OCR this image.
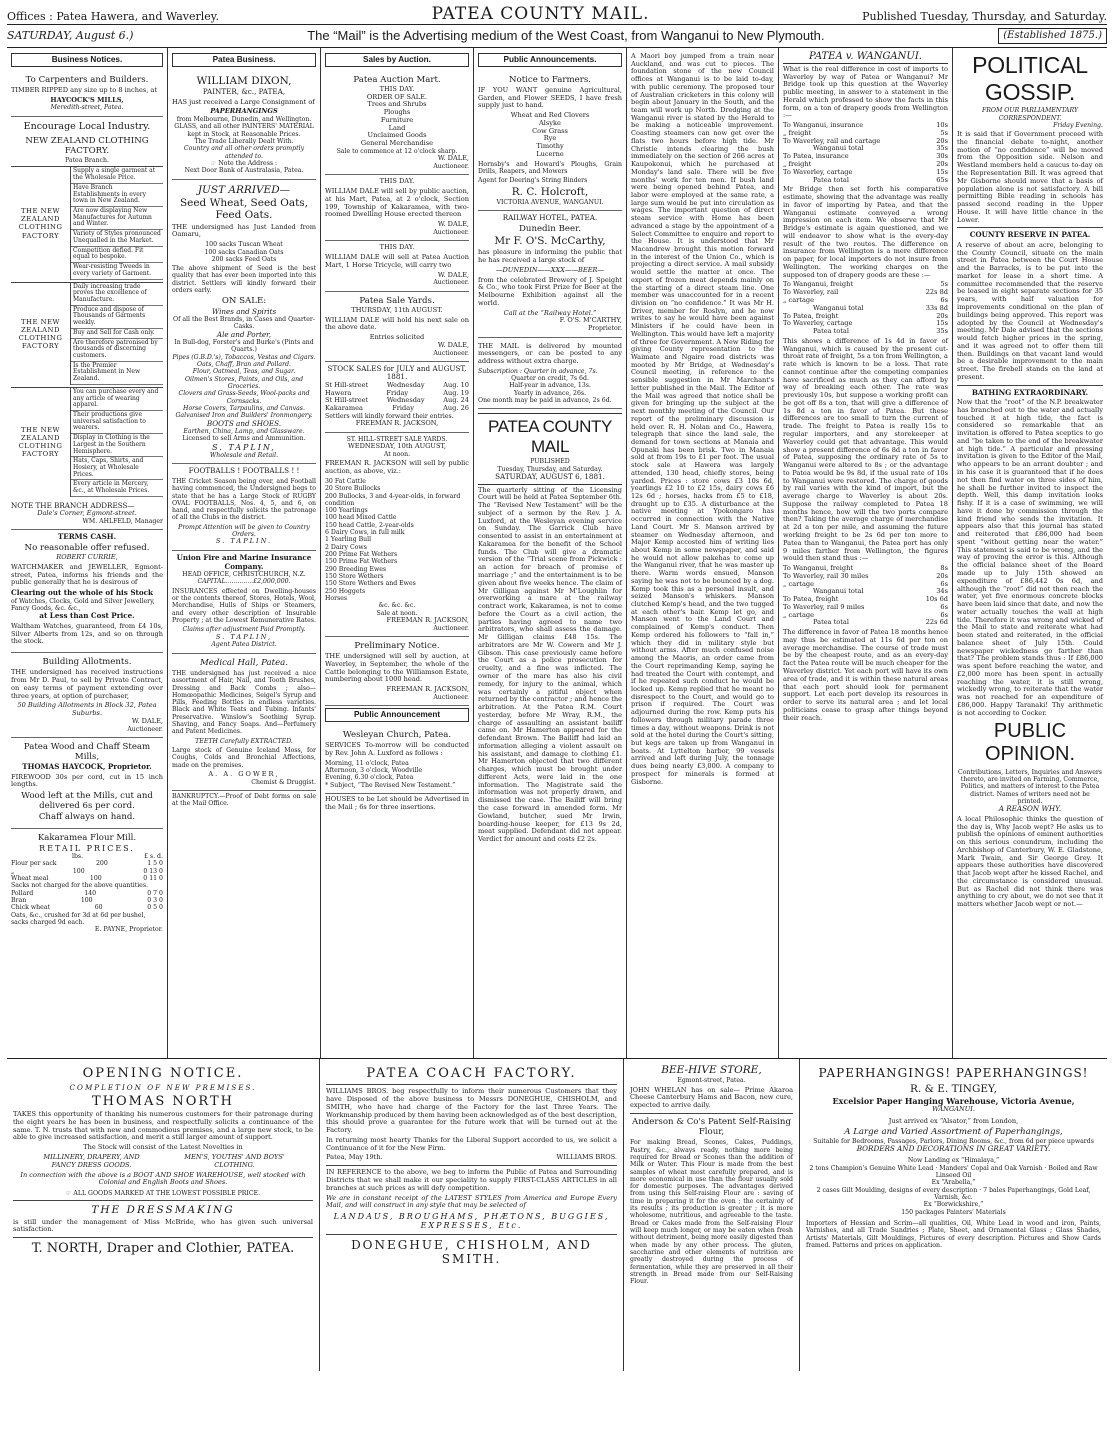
Offices : Patea Hawera, and Waverley.	PATEA COUNTY MAIL.	Published Tuesday, Thursday, and Saturday.
SATURDAY, August 6.)	The “Mail” is the Advertising medium of the West Coast, from Wanganui to New Plymouth.	(Established 1875.)
Business Notices.
To Carpenters and Builders.
TIMBER RIPPED any size up to 8 inches, at
HAYCOCK'S MILLS,
Meredith-street, Patea.
Encourage Local Industry.
NEW ZEALAND CLOTHING FACTORY.
Patea Branch.
THE NEW ZEALAND CLOTHING FACTORY
Supply a single garment at the Wholesale Price.
Have Branch Establishments in every town in New Zealand.
Are now displaying New Manufactures for Autumn and Winter.
Variety of Styles pronounced Unequalled in the Market.
Competition defied. Fit equal to bespoke.
Wear-resisting Tweeds in every variety of Garment.
THE NEW ZEALAND CLOTHING FACTORY
Daily increasing trade proves the excellence of Manufacture.
Produce and dispose of Thousands of Garments weekly.
Buy and Sell for Cash only.
Are therefore patronised by thousands of discerning customers.
Is the Premier Establishment in New Zealand.
THE NEW ZEALAND CLOTHING FACTORY
You can purchase every and any article of wearing apparel.
Their productions give universal satisfaction to wearers.
Display in Clothing is the Largest in the Southern Hemisphere.
Hats, Caps, Shirts, and Hosiery, at Wholesale Prices.
Every article in Mercery, &c., at Wholesale Prices.
NOTE THE BRANCH ADDRESS—
Dale's Corner, Egmont-street.
WM. AHLFELD, Manager
TERMS CASH.
No reasonable offer refused.
ROBERT CURRIE,
WATCHMAKER and JEWELLER, Egmont-street, Patea, informs his friends and the public generally that he is desirous of
Clearing out the whole of his Stock
of Watches, Clocks, Gold and Silver Jewellery, Fancy Goods, &c. &c.,
at Less than Cost Price.
Waltham Watches, guaranteed, from £4 10s, Silver Alberts from 12s, and so on through the stock.
Building Allotments.
THE undersigned has received instructions from Mr D. Paul, to sell by Private Contract, on easy terms of payment extending over three years, at option of purchaser,
50 Building Allotments in Block 32, Patea Suburbs.
W. DALE,
Auctioneer.
Patea Wood and Chaff Steam Mills,
THOMAS HAYCOCK, Proprietor.
FIREWOOD 30s per cord, cut in 15 inch lengths.
Wood left at the Mills, cut and delivered 6s per cord.
Chaff always on hand.
Kakaramea Flour Mill.
RETAIL PRICES.
lbs.	£ s. d.
Flour per sack	200	1 5 0
„	100	0 13 0
Wheat meal	100	0 11 0
Sacks not charged for the above quantities.
Pollard	140	0 7 0
Bran	100	0 3 0
Chick wheat	60	0 5 0
Oats, &c., crushed for 3d at 6d per bushel, sacks charged 9d each.
E. PAYNE, Proprietor.
Patea Business.
WILLIAM DIXON,
PAINTER, &c., PATEA,
HAS just received a Large Consignment of
PAPERHANGINGS
from Melbourne, Dunedin, and Wellington.
GLASS, and all other PAINTERS' MATERIAL kept in Stock, at Reasonable Prices.
The Trade Liberally Dealt With.
Country and all other orders promptly attended to.
☞ Note the Address :
Next Door Bank of Australasia, Patea.
JUST ARRIVED—
Seed Wheat, Seed Oats, Feed Oats.
THE undersigned has Just Landed from Oamaru,
100 sacks Tuscan Wheat
100 sacks Canadian Oats
200 sacks Feed Oats
The above shipment of Seed is the best quality that has ever been imported into this district. Settlers will kindly forward their orders early.
ON SALE:
Wines and Spirits
Of all the Best Brands, in Cases and Quarter-Casks.
Ale and Porter,
In Bull-dog, Forster's and Burke's (Pints and Quarts.)
Pipes (G.B.D.'s), Tobaccos, Vestas and Cigars.
Oats, Chaff, Bran and Pollard.
Flour, Oatmeal, Teas, and Sugar.
Oilmen's Stores, Paints, and Oils, and Groceries.
Clovers and Grass-Seeds, Wool-packs and Cornsacks.
Horse Covers, Tarpaulins, and Canvas.
Galvanised Iron and Builders' Ironmongery.
BOOTS and SHOES.
Earthen, China, Lamp, and Glassware.
Licensed to sell Arms and Ammunition.
S. TAPLIN,
Wholesale and Retail.
FOOTBALLS ! FOOTBALLS ! !
THE Cricket Season being over, and Football having commenced, the Undersigned begs to state that he has a Large Stock of RUGBY OVAL FOOTBALLS, Nos. 4, 5, and 6, on hand, and respectfully solicits the patronage of all the Clubs in the district.
Prompt Attention will be given to Country Orders.
S. TAPLIN.
Union Fire and Marine Insurance Company.
HEAD OFFICE, CHRISTCHURCH, N.Z.
CAPITAL..............£2,000,000.
INSURANCES effected on Dwelling-houses or the contents thereof, Stores, Hotels, Wool, Merchandise, Hulls of Ships or Steamers, and every other description of Insurable Property ; at the Lowest Remunerative Rates.
Claims after adjustment Paid Promptly.
S. TAPLIN,
Agent Patea District.
Medical Hall, Patea.
THE undersigned has just received a nice assortment of Hair, Nail, and Tooth Brushes, Dressing and Back Combs ; also— Homœopathic Medicines, Seigel's Syrup and Pills, Feeding Bottles in endless varieties. Black and White Teats and Tubing. Infants' Preservative. Winslow's Soothing Syrup. Shaving, and Fancy Soaps. And—Perfumery and Patent Medicines.
TEETH Carefully EXTRACTED.
Large stock of Genuine Iceland Moss, for Coughs, Colds and Bronchial Affections, made on the premises.
A. A. GOWER,
Chemist & Druggist.
BANKRUPTCY.—Proof of Debt forms on sale at the Mail Office.
Sales by Auction.
Patea Auction Mart.
THIS DAY.
ORDER OF SALE.
Trees and Shrubs
Ploughs
Furniture
Land
Unclaimed Goods
General Merchandise
Sale to commence at 12 o'clock sharp.
W. DALE,
Auctioneer.
THIS DAY.
WILLIAM DALE will sell by public auction, at his Mart, Patea, at 2 o'clock, Section 199, Township of Kakaramea, with two-roomed Dwelling House erected thereon
W. DALE,
Auctioneer.
THIS DAY.
WILLIAM DALE will sell at Patea Auction Mart, 1 Horse Tricycle, will carry two
W. DALE,
Auctioneer.
Patea Sale Yards.
THURSDAY, 11th AUGUST.
WILLIAM DALE will hold his next sale on the above date.
Entries solicited
W. DALE,
Auctioneer.
STOCK SALES for JULY and AUGUST, 1881.
St Hill-street	Wednesday	Aug. 10
Hawera	Friday	Aug. 19
St Hill-street	Wednesday	Aug. 24
Kakaramea	Friday	Aug. 26
Settlers will kindly forward their entries.
FREEMAN R. JACKSON,
ST. HILL-STREET SALE YARDS.
WEDNESDAY, 10th AUGUST,
At noon.
FREEMAN R. JACKSON will sell by public auction, as above, viz.:
30 Fat Cattle
20 Store Bullocks
200 Bullocks, 3 and 4-year-olds, in forward condition
100 Yearlings
100 head Mixed Cattle
150 head Cattle, 2-year-olds
6 Dairy Cows, in full milk
1 Yearling Bull
2 Dairy Cows
200 Prime Fat Wethers
150 Prime Fat Wethers
290 Breeding Ewes
150 Store Wethers
150 Store Wethers and Ewes
250 Hoggets
Horses
&c. &c. &c.
Sale at noon.
FREEMAN R. JACKSON,
Auctioneer.
Preliminary Notice.
THE undersigned will sell by auction, at Waverley, in September, the whole of the Cattle belonging to the Williamson Estate, numbering about 1000 head.
FREEMAN R. JACKSON,
Auctioneer.
Public Announcement
Wesleyan Church, Patea.
SERVICES To-morrow will be conducted by Rev. John A. Luxford as follows :
Morning, 11 o'clock, Patea
Afternoon, 3 o'clock, Woodville
Evening, 6.30 o'clock, Patea
* Subject, “The Revised New Testament.”
HOUSES to be Let should be Advertised in the Mail ; 6s for three insertions.
Public Announcements.
Notice to Farmers.
IF YOU WANT genuine Agricultural, Garden, and Flower SEEDS, I have fresh supply just to hand.
Wheat and Red Clovers
Alsyke
Cow Grass
Rye
Timothy
Lucerne
Hornsby's and Howard's Ploughs, Grain Drills, Reapers, and Mowers
Agent for Deering's String Binders
R. C. Holcroft,
VICTORIA AVENUE, WANGANUI.
RAILWAY HOTEL, PATEA.
Dunedin Beer.
Mr F. O'S. McCarthy,
has pleasure in informing the public that he has received a large stock of
—DUNEDIN——XXX——BEER—
from the celebrated Brewery of J. Speight & Co., who took First Prize for Beer at the Melbourne Exhibition against all the world.
Call at the “Railway Hotel.”
F. O'S. M'CARTHY,
Proprietor.
THE MAIL is delivered by mounted messengers, or can be posted to any address without extra charge.
Subscription : Quarter in advance, 7s.
Quarter on credit, 7s 6d.
Half-year in advance, 13s.
Yearly in advance, 26s.
One month may be paid in advance, 2s 6d.
PATEA COUNTY MAIL
PUBLISHED
Tuesday, Thursday, and Saturday.
SATURDAY, AUGUST 6, 1881.
The quarterly sitting of the Licensing Court will be held at Patea September 6th. The “Revised New Testament” will be the subject of a sermon by the Rev. J. A. Luxford, at the Wesleyan evening service on Sunday. The Garrick Club have consented to assist in an entertainment at Kakaramea for the benefit of the School funds. The Club will give a dramatic version of the “Trial scene from Pickwick : an action for breach of promise of marriage ;” and the entertainment is to be given about five weeks hence. The claim of Mr Gilligan against Mr M'Loughlin for overworking a mare at the railway contract work, Kakaramea, is not to come before the Court as a civil action, the parties having agreed to name two arbitrators, who shall assess the damage. Mr Gilligan claims £48 15s. The arbitrators are Mr W. Cowern and Mr J. Gibson. This case previously came before the Court as a police prosecution for cruelty, and a fine was inflicted. The owner of the mare has also his civil remedy, for injury to the animal, which was certainly a pitiful object when returned by the contractor ; and hence the arbitration. At the Patea R.M. Court yesterday, before Mr Wray, R.M., the charge of assaulting an assistant bailiff came on. Mr Hamerton appeared for the defendant Brown. The Bailiff had laid an information alleging a violent assault on his assistant, and damage to clothing £1. Mr Hamerton objected that two different charges, which must be brought under different Acts, were laid in the one information. The Magistrate said the information was not properly drawn, and dismissed the case. The Bailiff will bring the case forward in amended form. Mr Gowland, butcher, sued Mr Irwin, boarding-house keeper, for £13 9s 2d, meat supplied. Defendant did not appear. Verdict for amount and costs £2 2s.
A Maori boy jumped from a train near Auckland, and was cut to pieces. The foundation stone of the new Council offices at Wanganui is to be laid to-day, with public ceremony. The proposed tour of Australian cricketers in this colony will begin about January in the South, and the team will work up North. Dredging at the Wanganui river is stated by the Herald to be making a noticeable improvement. Coasting steamers can now get over the flats two hours before high tide. Mr Christie intends clearing the bush immediately on the section of 266 acres at Kaupokonui, which he purchased at Monday's land sale. There will be five months' work for ten men. If bush land were being opened behind Patea, and labor were employed at the same rate, a large sum would be put into circulation as wages. The important question of direct steam service with Home has been advanced a stage by the appointment of a Select Committee to enquire and report to the House. It is understood that Mr Macandrew brought this motion forward in the interest of the Union Co., which is projecting a direct service. A mail subsidy would settle the matter at once. The export of frozen meat depends mainly on the starting of a direct steam line. One member was unaccounted for in a recent division on “no confidence.” It was Mr H. Driver, member for Roslyn, and he now writes to say he would have been against Ministers if he could have been in Wellington. This would have left a majority of three for Government. A New Riding for giving County representation to the Waimate and Ngaire road districts was mooted by Mr Bridge, at Wednesday's Council meeting, in reference to the sensible suggestion in Mr Marchant's letter published in the Mail. The Editor of the Mail was agreed that notice shall be given for bringing up the subject at the next monthly meeting of the Council. Our report of the preliminary discussion is held over. R. H. Nolan and Co., Hawera, telegraph that since the land sale, the demand for town sections at Manaia and Opunaki has been brisk. Two in Manaia sold at from 19s to £1 per foot. The usual stock sale at Hawera was largely attended, 130 head, chiefly stores, being yarded. Prices : store cows £3 10s 6d, yearlings £2 10 to £2 15s, dairy cows £6 12s 6d ; horses, hacks from £5 to £18, draught up to £35. A disturbance at the native meeting at Ypokongaro has occurred in connection with the Native Land Court. Mr S. Manson arrived by steamer on Wednesday afternoon, and Major Kemp accosted him of writing lies about Kemp in some newspaper, and said he would not allow pakehas to come up the Wanganui river, that he was master up there. Warm words ensued, Manson saying he was not to be bounced by a dog. Kemp took this as a personal insult, and seized Manson's whiskers. Manson clutched Kemp's head, and the two tugged at each other's hair. Kemp let go, and Manson went to the Land Court and complained of Kemp's conduct. Then Kemp ordered his followers to “fall in,” which they did in military style but without arms. After much confused noise among the Maoris, an order came from the Court reprimanding Kemp, saying he had treated the Court with contempt, and if he repeated such conduct he would be locked up. Kemp replied that he meant no disrespect to the Court, and would go to prison if required. The Court was adjourned during the row. Kemp puts his followers through military parade three times a day, without weapons. Drink is not sold at the hotel during the Court's sitting, but kegs are taken up from Wanganui in boats. At Lyttelton harbor, 99 vessels arrived and left during July, the tonnage dues being nearly £3,000. A company to prospect for minerals is formed at Gisborne.
PATEA v. WANGANUI.
What is the real difference in cost of imports to Waverley by way of Patea or Wanganui? Mr Bridge took up this question at the Waverley public meeting, in answer to a statement in the Herald which professed to show the facts in this form, on a ton of drapery goods from Wellington :—
To Wanganui, insurance	10s
„ freight	5s
To Waverley, rail and cartage	20s
Wanganui total	35s
To Patea, insurance	30s
„ freight	20s
To Waverley, cartage	15s
Patea total	65s
Mr Bridge then set forth his comparative estimate, showing that the advantage was really in favor of importing by Patea, and that the Wanganui estimate conveyed a wrong impression on each item. We observe that Mr Bridge's estimate is again questioned, and we will endeavor to show what is the every-day result of the two routes. The difference on insurance from Wellington is a mere difference on paper, for local importers do not insure from Wellington. The working charges on the supposed ton of drapery goods are these :—
To Wanganui, freight	5s
To Waverley, rail	22s 8d
„ cartage	6s
Wanganui total	33s 8d
To Patea, freight	20s
To Waverley, cartage	15s
Patea total	35s
This shows a difference of 1s 4d in favor of Wanganui, which is caused by the present cut-throat rate of freight, 5s a ton from Wellington, a rate which is known to be a loss. That rate cannot continue after the competing companies have sacrificed as much as they can afford by way of breaking each other. The rate was previously 10s, but suppose a working profit can be got off 8s a ton, that will give a difference of 1s 8d a ton in favor of Patea. But these differences are too small to turn the current of trade. The freight to Patea is really 15s to regular importers, and any storekeeper at Waverley could get that advantage. This would show a present difference of 6s 8d a ton in favor of Patea, supposing the ordinary rate of 5s to Wanganui were altered to 8s ; or the advantage to Patea would be 9s 8d, if the usual rate of 10s to Wanganui were restored. The charge of goods by rail varies with the kind of import, but the average charge to Waverley is about 20s. Suppose the railway completed to Patea 18 months hence, how will the two ports compare then? Taking the average charge of merchandise at 2d a ton per mile, and assuming the future working freight to be 2s 6d per ton more to Patea than to Wanganui, the Patea port has only 9 miles farther from Wellington, the figures would then stand thus :—
To Wanganui, freight	8s
To Waverley, rail 30 miles	20s
„ cartage	6s
Wanganui total	34s
To Patea, freight	10s 6d
To Waverley, rail 9 miles	6s
„ cartage	6s
Patea total	22s 6d
The difference in favor of Patea 18 months hence may thus be estimated at 11s 6d per ton on average merchandise. The course of trade must be by the cheapest route, and as an every-day fact the Patea route will be much cheaper for the Waverley district. Yet each port will have its own area of trade, and it is within these natural areas that each port should look for permanent support. Let each port develop its resources in order to serve its natural area ; and let local politicians cease to grasp after things beyond their reach.
POLITICAL GOSSIP.
FROM OUR PARLIAMENTARY CORRESPONDENT.
Friday Evening.
It is said that if Government proceed with the financial debate to-night, another motion of “no confidence” will be moved from the Opposition side. Nelson and Westland members held a caucus to-day on the Representation Bill. It was agreed that Mr Gisborne should move that a basis of population alone is not satisfactory. A bill permitting Bible reading in schools has passed second reading in the Upper House. It will have little chance in the Lower.
COUNTY RESERVE IN PATEA.
A reserve of about an acre, belonging to the County Council, situate on the main street in Patea between the Court House and the Barracks, is to be put into the market for lease in a short time. A committee recommended that the reserve be leased in eight separate sections for 35 years, with half valuation for improvements conditional on the plan of buildings being approved. This report was adopted by the Council at Wednesday's meeting. Mr Dale advised that the sections would fetch higher prices in the spring, and it was agreed not to offer them till then. Buildings on that vacant land would be a desirable improvement to the main street. The firebell stands on the land at present.
BATHING EXTRAORDINARY.
Now that the “root” of the N.P. breakwater has branched out to the water and actually touched it at high tide, the fact is considered so remarkable that an invitation is offered to Patea sceptics to go and “be taken to the end of the breakwater at high tide.” A particular and pressing invitation is given to the Editor of the Mail, who appears to be an arrant doubter ; and in his case it is guaranteed that if he does not then find water on three sides of him, he shall be further invited to inspect the depth. Well, this damp invitation looks fishy. If it is a case of swimming, we will have it done by commission through the kind friend who sends the invitation. It appears also that this journal has stated and reiterated that £86,000 had been spent “without getting near the water.” This statement is said to be wrong, and the way of proving the error is this. Although the official balance sheet of the Board made up to July 15th showed an expenditure of £86,442 0s 6d, and although the “root” did not then reach the water, yet five enormous concrete blocks have been laid since that date, and now the water actually touches the wall at high tide. Therefore it was wrong and wicked of the Mail to state and reiterate what had been stated and reiterated, in the official balance sheet of July 15th. Could newspaper wickedness go farther than that? The problem stands thus : If £86,000 was spent before reaching the water, and £2,000 more has been spent in actually reaching the water, it is still wrong, wickedly wrong, to reiterate that the water was not reached for an expenditure of £86,000. Happy Taranaki! Thy arithmetic is not according to Cocker.
PUBLIC OPINION.
Contributions, Letters, Inquiries and Answers thereto, are invited on Farming, Commerce, Politics, and matters of interest to the Patea district. Names of writers need not be printed.
A REASON WHY.
A local Philosophic thinks the question of the day is, Why Jacob wept? He asks us to publish the opinions of eminent authorities on this serious conundrum, including the Archbishop of Canterbury, W. E. Gladstone, Mark Twain, and Sir George Grey. It appears these authorities have discovered that Jacob wept after he kissed Rachel, and the circumstance is considered unusual. But as Rachel did not think there was anything to cry about, we do not see that it matters whether Jacob wept or not.—
OPENING NOTICE.
COMPLETION OF NEW PREMISES.
THOMAS NORTH
TAKES this opportunity of thanking his numerous customers for their patronage during the eight years he has been in business, and respectfully solicits a continuance of the same. T. N. trusts that with new and commodious premises, and a large new stock, to be able to give increased satisfaction, and merit a still larger amount of support.
The Stock will consist of the Latest Novelties in
MILLINERY, DRAPERY, AND FANCY DRESS GOODS.
MEN'S, YOUTHS' AND BOYS' CLOTHING.
In connection with the above is a BOOT AND SHOE WAREHOUSE, well stocked with Colonial and English Boots and Shoes.
☞ ALL GOODS MARKED AT THE LOWEST POSSIBLE PRICE.
THE DRESSMAKING
is still under the management of Miss McBride, who has given such universal satisfaction.
T. NORTH, Draper and Clothier, PATEA.
PATEA COACH FACTORY.
WILLIAMS BROS. beg respectfully to inform their numerous Customers that they have Disposed of the above business to Messrs DONEGHUE, CHISHOLM, and SMITH, who have had charge of the Factory for the last Three Years. The Workmanship produced by them having been acknowledged as of the best description, this should prove a guarantee for the future work that will be turned out at the Factory.
In returning most hearty Thanks for the Liberal Support accorded to us, we solicit a Continuance of it for the New Firm.
Patea, May 19th.	WILLIAMS BROS.
IN REFERENCE to the above, we beg to inform the Public of Patea and Surrounding Districts that we shall make it our speciality to supply FIRST-CLASS ARTICLES in all branches at such prices as will defy competition.
We are in constant receipt of the LATEST STYLES from America and Europe Every Mail, and will construct in any style that may be selected of
LANDAUS, BROUGHAMS, PHÆTONS, BUGGIES, EXPRESSES, Etc.
DONEGHUE, CHISHOLM, AND SMITH.
BEE-HIVE STORE,
Egmont-street, Patea.
JOHN WHELAN has on sale— Prime Akaroa Cheese Canterbury Hams and Bacon, new cure, expected to arrive daily.
Anderson & Co's Patent Self-Raising Flour,
For making Bread, Scones, Cakes, Puddings, Pastry, &c., always ready, nothing more being required for Bread or Scones than the addition of Milk or Water. This Flour is made from the best samples of wheat most carefully prepared, and is more economical in use than the flour usually sold for domestic purposes. The advantages derived from using this Self-raising Flour are : saving of time in preparing it for the oven ; the certainty of its results ; its production is greater ; it is more wholesome, nutritious, and agreeable to the taste. Bread or Cakes made from the Self-raising Flour will keep much longer, or may be eaten when fresh without detriment, being more easily digested than when made by any other process. The gluten, saccharine and other elements of nutrition are greatly destroyed during the process of fermentation, while they are preserved in all their strength in Bread made from our Self-Raising Flour.
PAPERHANGINGS! PAPERHANGINGS!
R. & E. TINGEY,
Excelsior Paper Hanging Warehouse, Victoria Avenue,
WANGANUI.
Just arrived ex “Alsator,” from London,
A Large and Varied Assortment of Paperhangings,
Suitable for Bedrooms, Passages, Parlors, Dining Rooms, &c., from 6d per piece upwards
BORDERS AND DECORATIONS IN GREAT VARIETY.
Now Landing ex “Himalaya,”
2 tons Champion's Genuine White Lead · Manders' Copal and Oak Varnish · Boiled and Raw Linseed Oil
Ex “Arabella,”
2 cases Gilt Moulding, designs of every description · 7 bales Paperhangings, Gold Leaf, Varnish, &c.
Ex “Borwickshire,”
150 packages Painters' Materials
Importers of Hessian and Scrim—all qualities, Oil, White Lead in wood and iron, Paints, Varnishes, and all Trade Sundries ; Plate, Sheet, and Ornamental Glass ; Glass Shades, Artists' Materials, Gilt Mouldings, Pictures of every description. Pictures and Show Cards framed. Patterns and prices on application.
